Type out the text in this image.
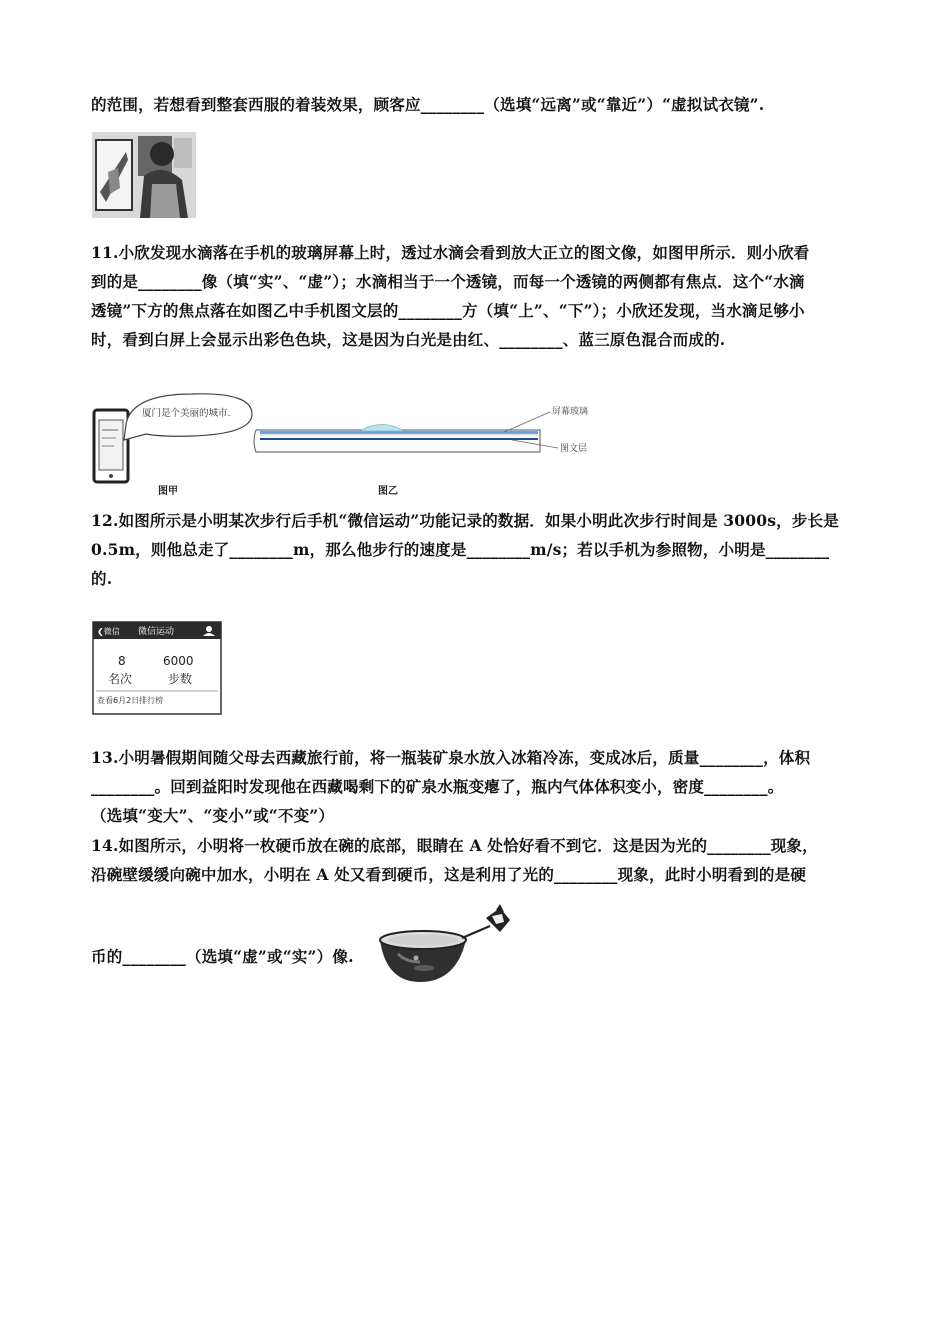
的范围，若想看到整套西服的着装效果，顾客应________（选填“远离”或“靠近”）“虚拟试衣镜”.
11.小欣发现水滴落在手机的玻璃屏幕上时，透过水滴会看到放大正立的图文像，如图甲所示．则小欣看
到的是________像（填“实”、“虚”）；水滴相当于一个透镜，而每一个透镜的两侧都有焦点．这个“水滴
透镜”下方的焦点落在如图乙中手机图文层的________方（填“上”、“下”）；小欣还发现，当水滴足够小
时，看到白屏上会显示出彩色色块，这是因为白光是由红、________、蓝三原色混合而成的.
厦门是个美丽的城市.	屏幕玻璃
图文层
图甲	图乙
12.如图所示是小明某次步行后手机“微信运动”功能记录的数据．如果小明此次步行时间是 3000s，步长是
0.5m，则他总走了________m，那么他步行的速度是________m/s；若以手机为参照物，小明是________
的.
❮微信 微信运动
8	6000
名次	步数
查看6月2日排行榜
13.小明暑假期间随父母去西藏旅行前，将一瓶装矿泉水放入冰箱冷冻，变成冰后，质量________，体积
________。回到益阳时发现他在西藏喝剩下的矿泉水瓶变瘪了，瓶内气体体积变小，密度________。
（选填“变大”、“变小”或“不变”）
14.如图所示，小明将一枚硬币放在碗的底部，眼睛在 A 处恰好看不到它．这是因为光的________现象，
沿碗壁缓缓向碗中加水，小明在 A 处又看到硬币，这是利用了光的________现象，此时小明看到的是硬
币的________（选填“虚”或“实”）像.
